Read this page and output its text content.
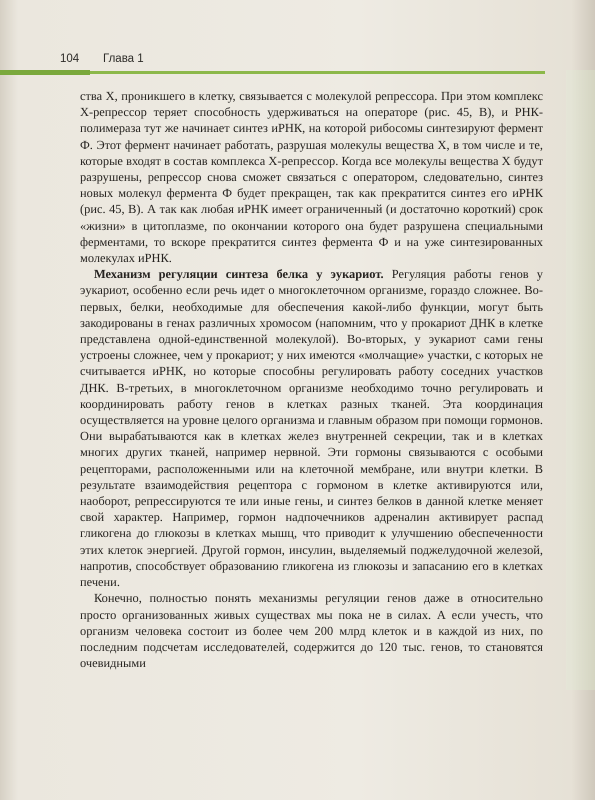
104 Глава 1

ства Х, проникшего в клетку, связывается с молекулой репрессора. При этом комплекс Х-репрессор теряет способность удерживаться на операторе (рис. 45, В), и РНК-полимераза тут же начинает синтез иРНК, на которой рибосомы синтезируют фермент Ф. Этот фермент начинает работать, разрушая молекулы вещества Х, в том числе и те, которые входят в состав комплекса Х-репрессор. Когда все молекулы вещества Х будут разрушены, репрессор снова сможет связаться с оператором, следовательно, синтез новых молекул фермента Ф будет прекращен, так как прекратится синтез его иРНК (рис. 45, В). А так как любая иРНК имеет ограниченный (и достаточно короткий) срок «жизни» в цитоплазме, по окончании которого она будет разрушена специальными ферментами, то вскоре прекратится синтез фермента Ф и на уже синтезированных молекулах иРНК.

Механизм регуляции синтеза белка у эукариот. Регуляция работы генов у эукариот, особенно если речь идет о многоклеточном организме, гораздо сложнее. Во-первых, белки, необходимые для обеспечения какой-либо функции, могут быть закодированы в генах различных хромосом (напомним, что у прокариот ДНК в клетке представлена одной-единственной молекулой). Во-вторых, у эукариот сами гены устроены сложнее, чем у прокариот; у них имеются «молчащие» участки, с которых не считывается иРНК, но которые способны регулировать работу соседних участков ДНК. В-третьих, в многоклеточном организме необходимо точно регулировать и координировать работу генов в клетках разных тканей. Эта координация осуществляется на уровне целого организма и главным образом при помощи гормонов. Они вырабатываются как в клетках желез внутренней секреции, так и в клетках многих других тканей, например нервной. Эти гормоны связываются с особыми рецепторами, расположенными или на клеточной мембране, или внутри клетки. В результате взаимодействия рецептора с гормоном в клетке активируются или, наоборот, репрессируются те или иные гены, и синтез белков в данной клетке меняет свой характер. Например, гормон надпочечников адреналин активирует распад гликогена до глюкозы в клетках мышц, что приводит к улучшению обеспеченности этих клеток энергией. Другой гормон, инсулин, выделяемый поджелудочной железой, напротив, способствует образованию гликогена из глюкозы и запасанию его в клетках печени.

Конечно, полностью понять механизмы регуляции генов даже в относительно просто организованных живых существах мы пока не в силах. А если учесть, что организм человека состоит из более чем 200 млрд клеток и в каждой из них, по последним подсчетам исследователей, содержится до 120 тыс. генов, то становятся очевидными
